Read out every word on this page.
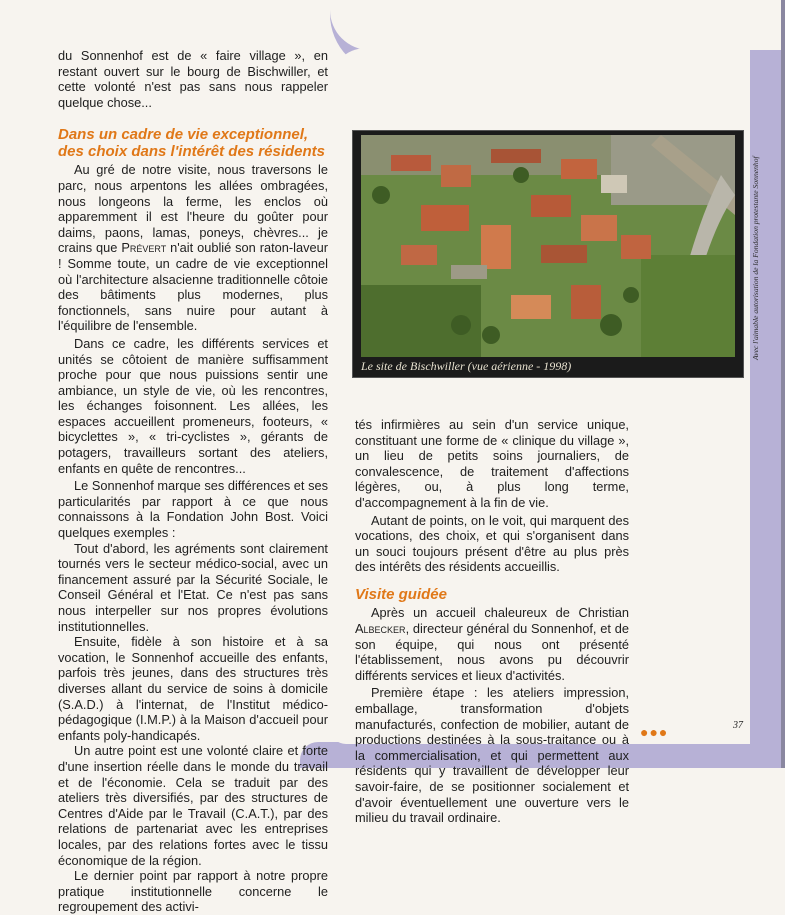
du Sonnenhof est de « faire village », en restant ouvert sur le bourg de Bischwiller, et cette volonté n'est pas sans nous rappeler quelque chose...

Dans un cadre de vie exceptionnel,
des choix dans l'intérêt des résidents

Au gré de notre visite, nous traversons le parc, nous arpentons les allées ombragées, nous longeons la ferme, les enclos où apparemment il est l'heure du goûter pour daims, paons, lamas, poneys, chèvres... je crains que Prévert n'ait oublié son raton-laveur ! Somme toute, un cadre de vie exceptionnel où l'architecture alsacienne traditionnelle côtoie des bâtiments plus modernes, plus fonctionnels, sans nuire pour autant à l'équilibre de l'ensemble.

Dans ce cadre, les différents services et unités se côtoient de manière suffisamment proche pour que nous puissions sentir une ambiance, un style de vie, où les rencontres, les échanges foisonnent. Les allées, les espaces accueillent promeneurs, footeurs, « bicyclettes », « tri-cyclistes », gérants de potagers, travailleurs sortant des ateliers, enfants en quête de rencontres...

Le Sonnenhof marque ses différences et ses particularités par rapport à ce que nous connaissons à la Fondation John Bost. Voici quelques exemples :

Tout d'abord, les agréments sont clairement tournés vers le secteur médico-social, avec un financement assuré par la Sécurité Sociale, le Conseil Général et l'Etat. Ce n'est pas sans nous interpeller sur nos propres évolutions institutionnelles.

Ensuite, fidèle à son histoire et à sa vocation, le Sonnenhof accueille des enfants, parfois très jeunes, dans des structures très diverses allant du service de soins à domicile (S.A.D.) à l'internat, de l'Institut médico-pédagogique (I.M.P.) à la Maison d'accueil pour enfants poly-handicapés.

Un autre point est une volonté claire et forte d'une insertion réelle dans le monde du travail et de l'économie. Cela se traduit par des ateliers très diversifiés, par des structures de Centres d'Aide par le Travail (C.A.T.), par des relations de partenariat avec les entreprises locales, par des relations fortes avec le tissu économique de la région.

Le dernier point par rapport à notre propre pratique institutionnelle concerne le regroupement des activi-

Le site de Bischwiller (vue aérienne - 1998)
Avec l'aimable autorisation de la Fondation protestante Sonnenhof

tés infirmières au sein d'un service unique, constituant une forme de « clinique du village », un lieu de petits soins journaliers, de convalescence, de traitement d'affections légères, ou, à plus long terme, d'accompagnement à la fin de vie.

Autant de points, on le voit, qui marquent des vocations, des choix, et qui s'organisent dans un souci toujours présent d'être au plus près des intérêts des résidents accueillis.

Visite guidée

Après un accueil chaleureux de Christian Albecker, directeur général du Sonnenhof, et de son équipe, qui nous ont présenté l'établissement, nous avons pu découvrir différents services et lieux d'activités.

Première étape : les ateliers impression, emballage, transformation d'objets manufacturés, confection de mobilier, autant de productions destinées à la sous-traitance ou à la commercialisation, et qui permettent aux résidents qui y travaillent de développer leur savoir-faire, de se positionner socialement et d'avoir éventuellement une ouverture vers le milieu du travail ordinaire.

●●●	37
